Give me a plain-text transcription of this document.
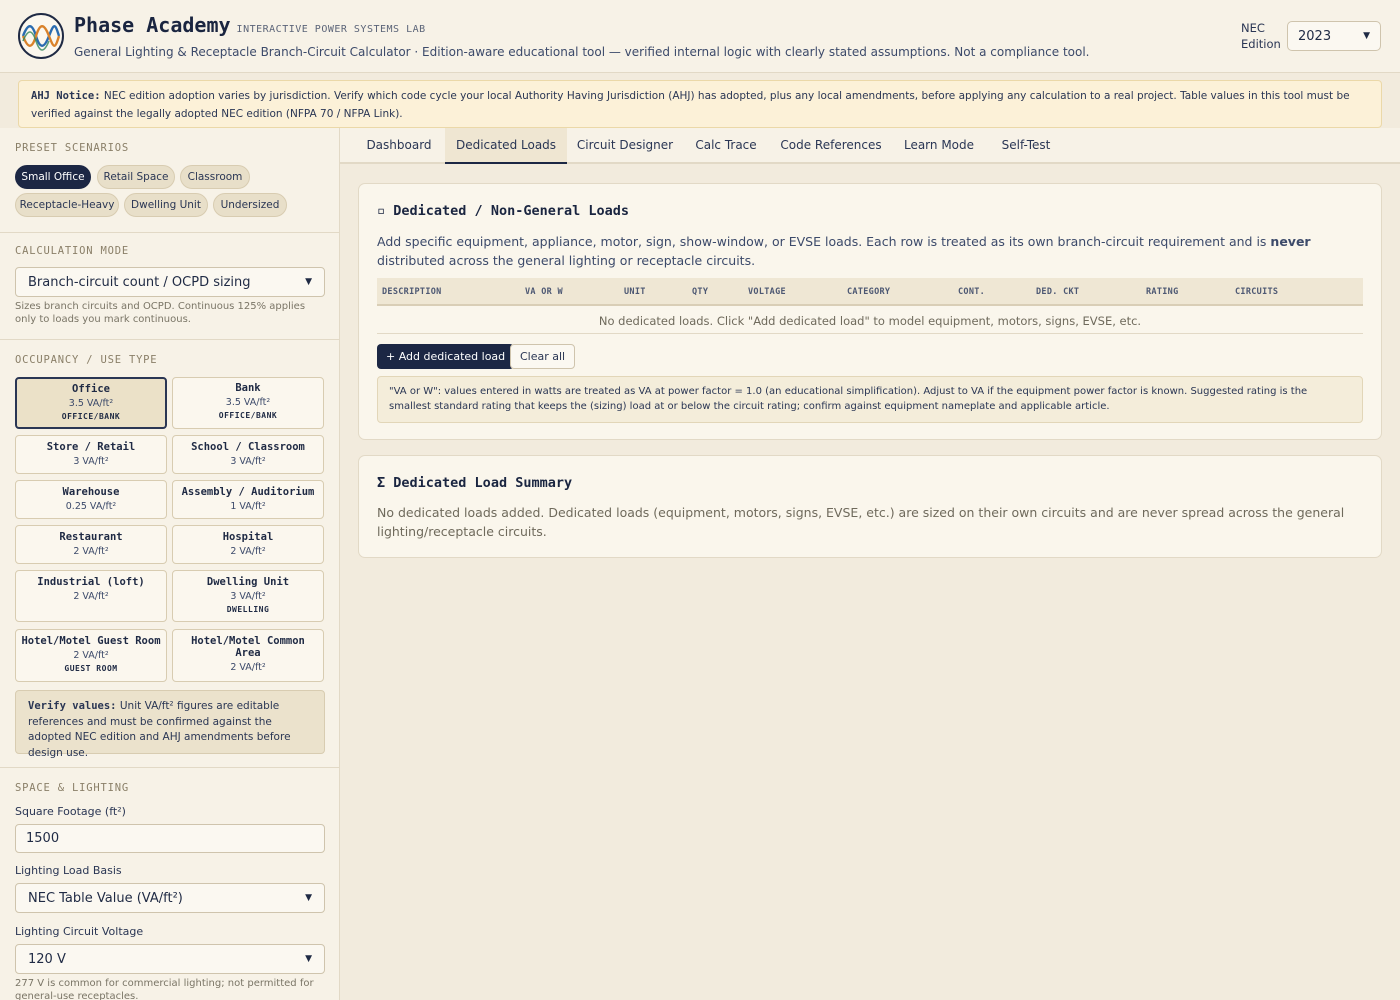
Phase Academy INTERACTIVE POWER SYSTEMS LAB
General Lighting & Receptacle Branch-Circuit Calculator · Edition-aware educational tool — verified internal logic with clearly stated assumptions. Not a compliance tool.
NEC
Edition
2023	▼
AHJ Notice: NEC edition adoption varies by jurisdiction. Verify which code cycle your local Authority Having Jurisdiction (AHJ) has adopted, plus any local amendments, before applying any calculation to a real project. Table values in this tool must be verified against the legally adopted NEC edition (NFPA 70 / NFPA Link).
PRESET SCENARIOS
Small Office	Retail Space	Classroom
Receptacle-Heavy	Dwelling Unit	Undersized
CALCULATION MODE
Branch-circuit count / OCPD sizing	▼
Sizes branch circuits and OCPD. Continuous 125% applies only to loads you mark continuous.
OCCUPANCY / USE TYPE
Office
3.5 VA/ft²
OFFICE/BANK
Bank
3.5 VA/ft²
OFFICE/BANK
Store / Retail
3 VA/ft²
School / Classroom
3 VA/ft²
Warehouse
0.25 VA/ft²
Assembly / Auditorium
1 VA/ft²
Restaurant
2 VA/ft²
Hospital
2 VA/ft²
Industrial (loft)
2 VA/ft²
Dwelling Unit
3 VA/ft²
DWELLING
Hotel/Motel Guest Room
2 VA/ft²
GUEST ROOM
Hotel/Motel Common Area
2 VA/ft²
Verify values: Unit VA/ft² figures are editable references and must be confirmed against the adopted NEC edition and AHJ amendments before design use.
SPACE & LIGHTING
Square Footage (ft²)
1500
Lighting Load Basis
NEC Table Value (VA/ft²)	▼
Lighting Circuit Voltage
120 V	▼
277 V is common for commercial lighting; not permitted for general-use receptacles.
Dashboard	Dedicated Loads	Circuit Designer	Calc Trace	Code References Learn Mode	Self-Test
▫ Dedicated / Non-General Loads
Add specific equipment, appliance, motor, sign, show-window, or EVSE loads. Each row is treated as its own branch-circuit requirement and is never distributed across the general lighting or receptacle circuits.
DESCRIPTION	VA OR W	UNIT	QTY	VOLTAGE	CATEGORY	CONT.	DED. CKT	RATING	CIRCUITS
No dedicated loads. Click "Add dedicated load" to model equipment, motors, signs, EVSE, etc.
+ Add dedicated load	Clear all
"VA or W": values entered in watts are treated as VA at power factor = 1.0 (an educational simplification). Adjust to VA if the equipment power factor is known. Suggested rating is the smallest standard rating that keeps the (sizing) load at or below the circuit rating; confirm against equipment nameplate and applicable article.
Σ Dedicated Load Summary
No dedicated loads added. Dedicated loads (equipment, motors, signs, EVSE, etc.) are sized on their own circuits and are never spread across the general lighting/receptacle circuits.
